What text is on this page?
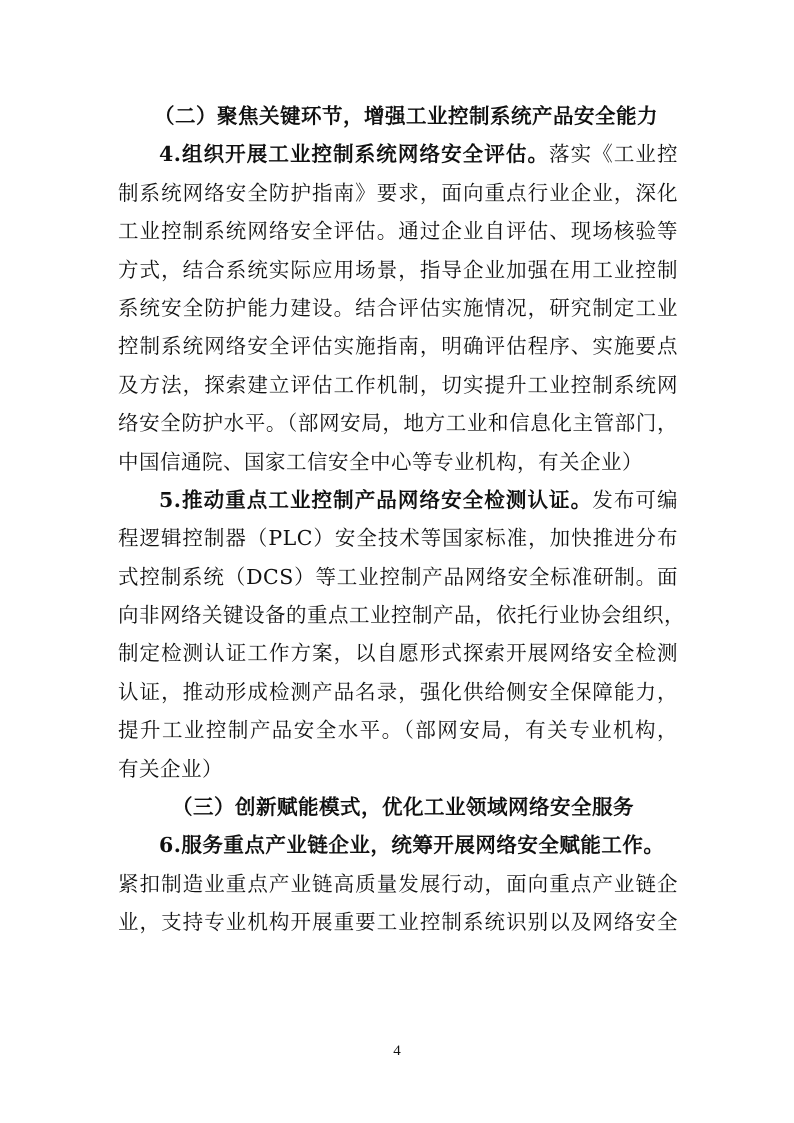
（二）聚焦关键环节，增强工业控制系统产品安全能力
4.组织开展工业控制系统网络安全评估。落实《工业控
制系统网络安全防护指南》要求，面向重点行业企业，深化
工业控制系统网络安全评估。通过企业自评估、现场核验等
方式，结合系统实际应用场景，指导企业加强在用工业控制
系统安全防护能力建设。结合评估实施情况，研究制定工业
控制系统网络安全评估实施指南，明确评估程序、实施要点
及方法，探索建立评估工作机制，切实提升工业控制系统网
络安全防护水平。（部网安局，地方工业和信息化主管部门，
中国信通院、国家工信安全中心等专业机构，有关企业）
5.推动重点工业控制产品网络安全检测认证。发布可编
程逻辑控制器（PLC）安全技术等国家标准，加快推进分布
式控制系统（DCS）等工业控制产品网络安全标准研制。面
向非网络关键设备的重点工业控制产品，依托行业协会组织，
制定检测认证工作方案，以自愿形式探索开展网络安全检测
认证，推动形成检测产品名录，强化供给侧安全保障能力，
提升工业控制产品安全水平。（部网安局，有关专业机构，
有关企业）
（三）创新赋能模式，优化工业领域网络安全服务
6.服务重点产业链企业，统筹开展网络安全赋能工作。
紧扣制造业重点产业链高质量发展行动，面向重点产业链企
业，支持专业机构开展重要工业控制系统识别以及网络安全
4
